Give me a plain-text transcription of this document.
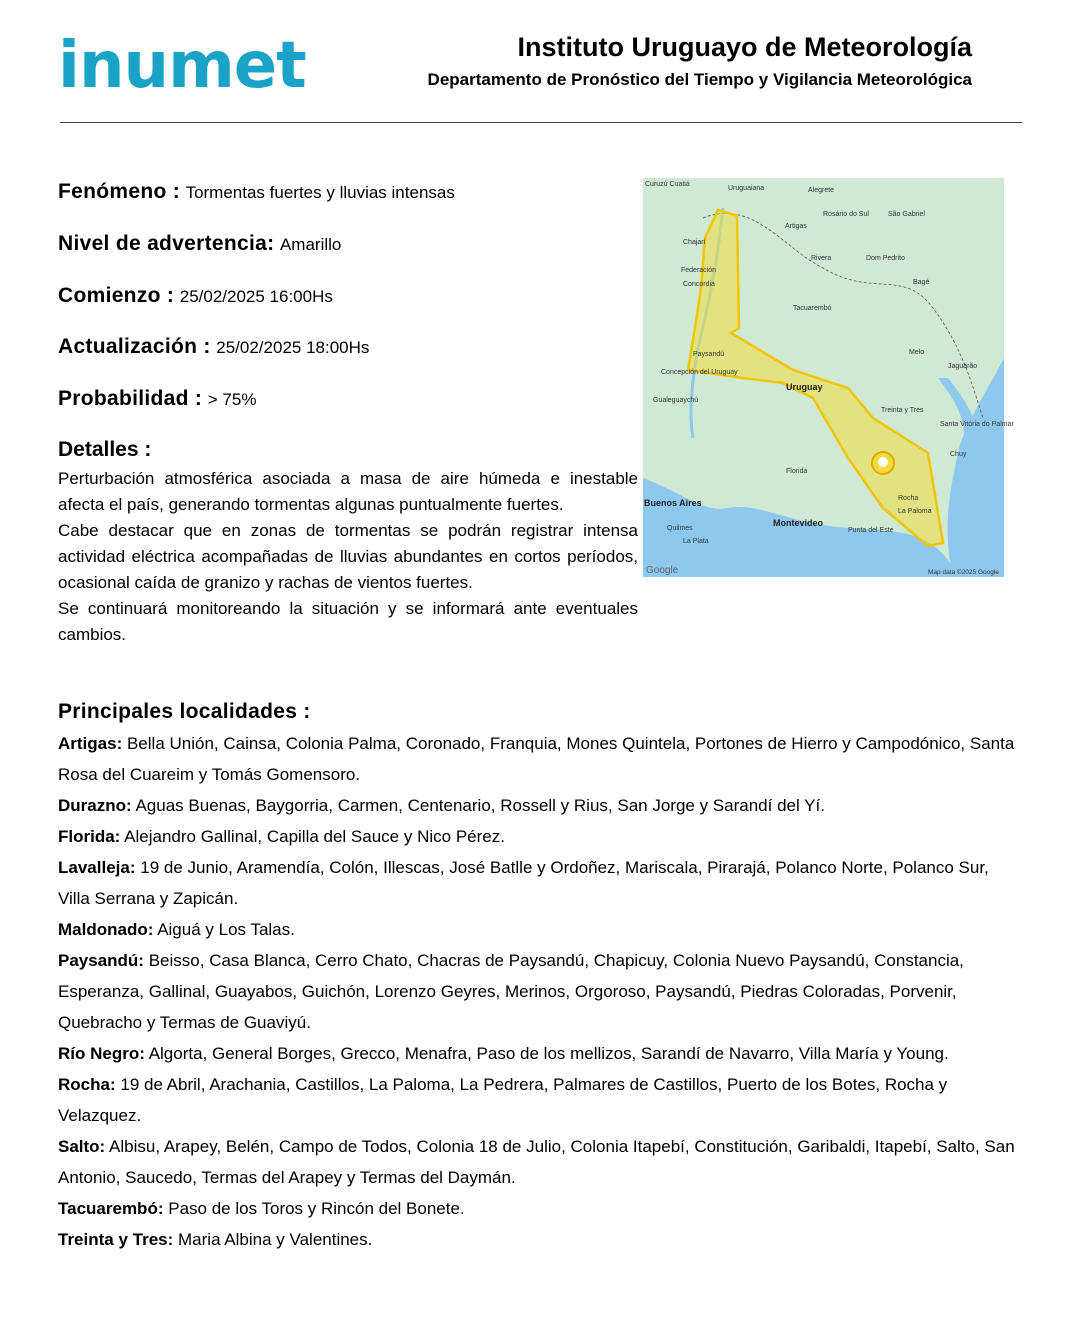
inumet	Instituto Uruguayo de Meteorología
Departamento de Pronóstico del Tiempo y Vigilancia Meteorológica
Fenómeno : Tormentas fuertes y lluvias intensas
Nivel de advertencia: Amarillo
Comienzo : 25/02/2025 16:00Hs
Actualización : 25/02/2025 18:00Hs
Probabilidad : > 75%
Detalles :

Perturbación atmosférica asociada a masa de aire húmeda e inestable afecta el país, generando tormentas algunas puntualmente fuertes.

Cabe destacar que en zonas de tormentas se podrán registrar intensa actividad eléctrica acompañadas de lluvias abundantes en cortos períodos, ocasional caída de granizo y rachas de vientos fuertes.

Se continuará monitoreando la situación y se informará ante eventuales cambios.

Curuzú Cuatiá
Uruguaiana	Alegrete
Rosário do Sul	São Gabriel
Artigas
Chajarí
Rivera	Dom Pedrito
Federación
Concordia	Bagé
Tacuarembó
Paysandú	Melo
Concepción del Uruguay
Jaguarão
Uruguay
Gualeguaychú
Treinta y Tres
Santa Vitória do Palmar
Chuy
Florida
Buenos Aires	Rocha
La Paloma
Montevideo
Quilmes	Punta del Este
La Plata
Google	Map data ©2025 Google
Principales localidades :

Artigas: Bella Unión, Cainsa, Colonia Palma, Coronado, Franquia, Mones Quintela, Portones de Hierro y Campodónico, Santa Rosa del Cuareim y Tomás Gomensoro.

Durazno: Aguas Buenas, Baygorria, Carmen, Centenario, Rossell y Rius, San Jorge y Sarandí del Yí.

Florida: Alejandro Gallinal, Capilla del Sauce y Nico Pérez.

Lavalleja: 19 de Junio, Aramendía, Colón, Illescas, José Batlle y Ordoñez, Mariscala, Pirarajá, Polanco Norte, Polanco Sur, Villa Serrana y Zapicán.

Maldonado: Aiguá y Los Talas.

Paysandú: Beisso, Casa Blanca, Cerro Chato, Chacras de Paysandú, Chapicuy, Colonia Nuevo Paysandú, Constancia, Esperanza, Gallinal, Guayabos, Guichón, Lorenzo Geyres, Merinos, Orgoroso, Paysandú, Piedras Coloradas, Porvenir, Quebracho y Termas de Guaviyú.

Río Negro: Algorta, General Borges, Grecco, Menafra, Paso de los mellizos, Sarandí de Navarro, Villa María y Young.

Rocha: 19 de Abril, Arachania, Castillos, La Paloma, La Pedrera, Palmares de Castillos, Puerto de los Botes, Rocha y Velazquez.

Salto: Albisu, Arapey, Belén, Campo de Todos, Colonia 18 de Julio, Colonia Itapebí, Constitución, Garibaldi, Itapebí, Salto, San Antonio, Saucedo, Termas del Arapey y Termas del Daymán.

Tacuarembó: Paso de los Toros y Rincón del Bonete.

Treinta y Tres: Maria Albina y Valentines.
